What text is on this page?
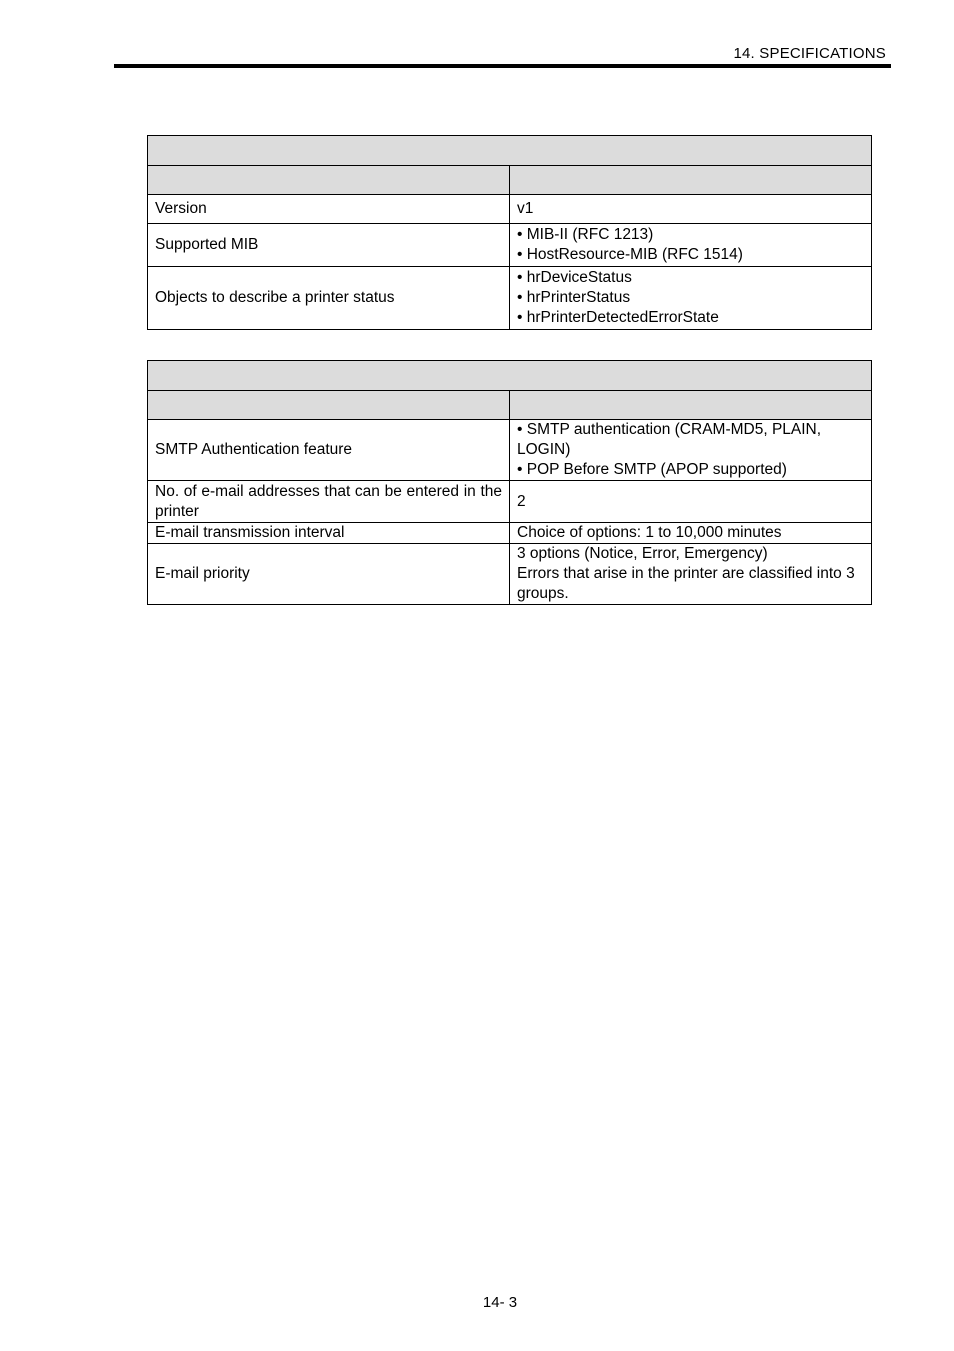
14. SPECIFICATIONS

Version	v1

Supported MIB	• MIB-II (RFC 1213)
• HostResource-MIB (RFC 1514)

Objects to describe a printer status	• hrDeviceStatus
• hrPrinterStatus
• hrPrinterDetectedErrorState

SMTP Authentication feature	• SMTP authentication (CRAM-MD5, PLAIN, LOGIN)
• POP Before SMTP (APOP supported)

No. of e-mail addresses that can be entered in the printer	2

E-mail transmission interval	Choice of options: 1 to 10,000 minutes

E-mail priority	3 options (Notice, Error, Emergency)
Errors that arise in the printer are classified into 3 groups.
14- 3
